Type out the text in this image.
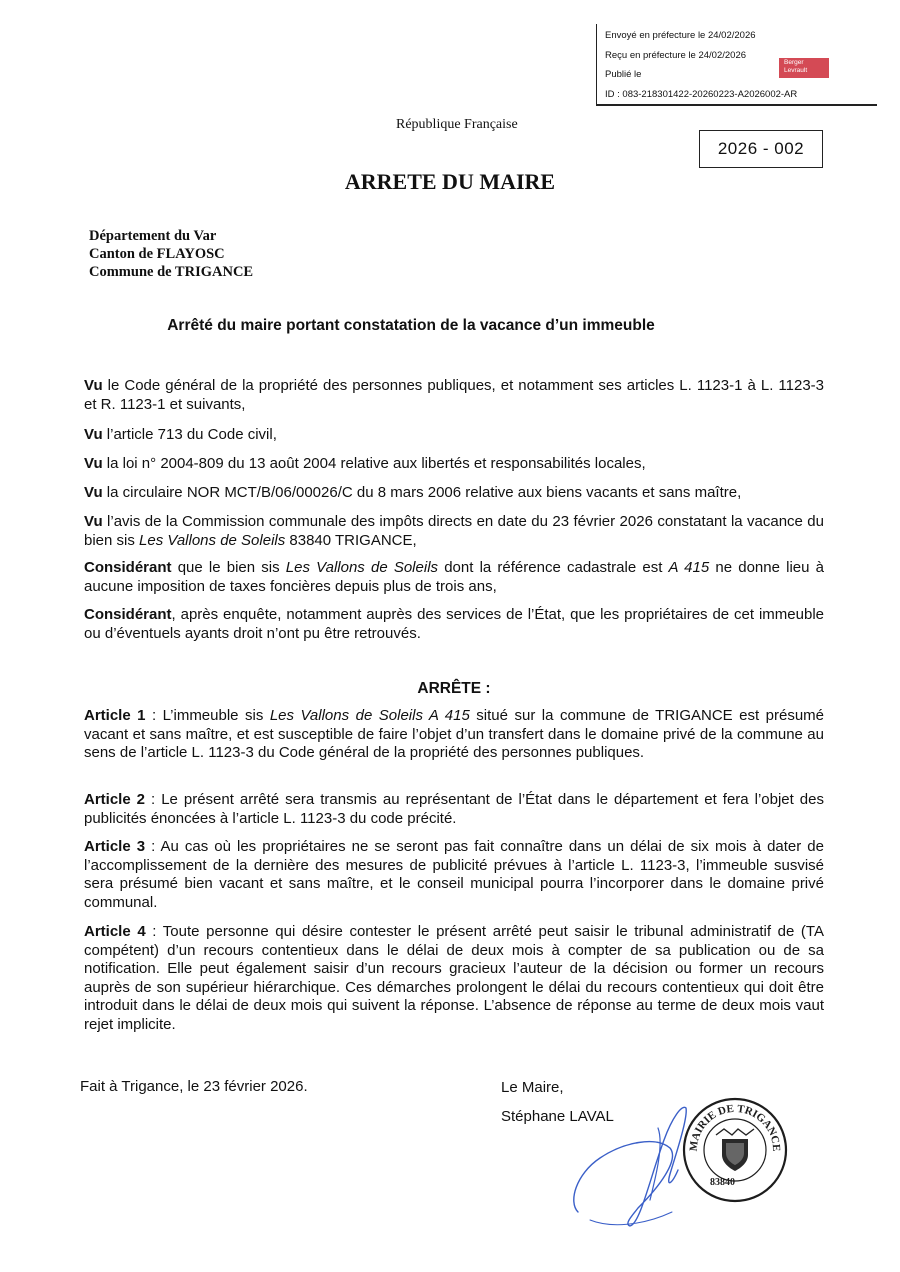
Envoyé en préfecture le 24/02/2026
Reçu en préfecture le 24/02/2026
Publié le
ID : 083-218301422-20260223-A2026002-AR
Berger
Levrault
République Française
2026 - 002
ARRETE DU MAIRE
Département du Var
Canton de FLAYOSC
Commune de TRIGANCE
Arrêté du maire portant constatation de la vacance d’un immeuble
Vu le Code général de la propriété des personnes publiques, et notamment ses articles L. 1123-1 à L. 1123-3 et R. 1123-1 et suivants,
Vu l’article 713 du Code civil,
Vu la loi n° 2004-809 du 13 août 2004 relative aux libertés et responsabilités locales,
Vu la circulaire NOR MCT/B/06/00026/C du 8 mars 2006 relative aux biens vacants et sans maître,
Vu l’avis de la Commission communale des impôts directs en date du 23 février 2026 constatant la vacance du bien sis Les Vallons de Soleils 83840 TRIGANCE,
Considérant que le bien sis Les Vallons de Soleils dont la référence cadastrale est A 415 ne donne lieu à aucune imposition de taxes foncières depuis plus de trois ans,
Considérant, après enquête, notamment auprès des services de l’État, que les propriétaires de cet immeuble ou d’éventuels ayants droit n’ont pu être retrouvés.
ARRÊTE :
Article 1 : L’immeuble sis Les Vallons de Soleils A 415 situé sur la commune de TRIGANCE est présumé vacant et sans maître, et est susceptible de faire l’objet d’un transfert dans le domaine privé de la commune au sens de l’article L. 1123-3 du Code général de la propriété des personnes publiques.
Article 2 : Le présent arrêté sera transmis au représentant de l’État dans le département et fera l’objet des publicités énoncées à l’article L. 1123-3 du code précité.
Article 3 : Au cas où les propriétaires ne se seront pas fait connaître dans un délai de six mois à dater de l’accomplissement de la dernière des mesures de publicité prévues à l’article L. 1123-3, l’immeuble susvisé sera présumé bien vacant et sans maître, et le conseil municipal pourra l’incorporer dans le domaine privé communal.
Article 4 : Toute personne qui désire contester le présent arrêté peut saisir le tribunal administratif de (TA compétent) d’un recours contentieux dans le délai de deux mois à compter de sa publication ou de sa notification. Elle peut également saisir d’un recours gracieux l’auteur de la décision ou former un recours auprès de son supérieur hiérarchique. Ces démarches prolongent le délai du recours contentieux qui doit être introduit dans le délai de deux mois qui suivent la réponse. L’absence de réponse au terme de deux mois vaut rejet implicite.
Fait à Trigance, le 23 février 2026.	Le Maire,
Stéphane LAVAL
MAIRIE DE TRIGANCE
83840
